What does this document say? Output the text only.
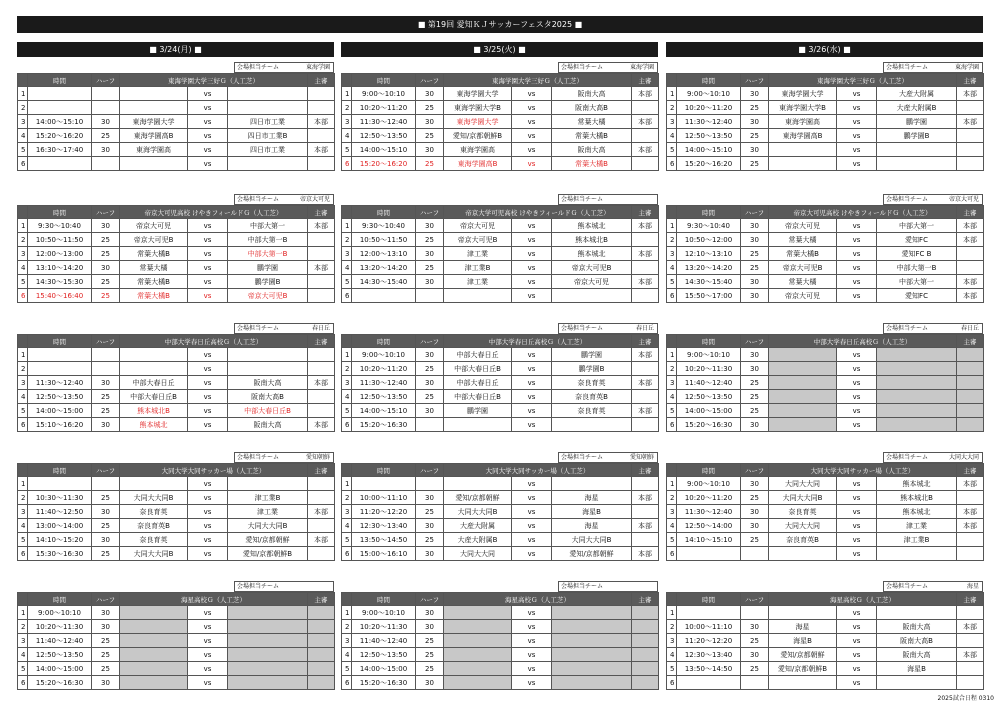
■ 第19回 愛知ＫＪサッカーフェスタ2025 ■
■ 3/24(月) ■
会場担当チーム	東海学園
	時間	ハーフ	東海学園大学三好Ｇ（人工芝）			主審
1				vs		
2				vs		
3	14:00～15:10	30	東海学園大学	vs	四日市工業	本部
4	15:20～16:20	25	東海学園高B	vs	四日市工業B	
5	16:30～17:40	30	東海学園高	vs	四日市工業	本部
6				vs		
会場担当チーム	帝京大可児
	時間	ハーフ	帝京大可児高校 けやきフィールドＧ（人工芝）			主審
1	9:30～10:40	30	帝京大可児	vs	中部大第一	本部
2	10:50～11:50	25	帝京大可児B	vs	中部大第一B	
3	12:00～13:00	25	常葉大橘B	vs	中部大第一B	
4	13:10～14:20	30	常葉大橘	vs	鵬学園	本部
5	14:30～15:30	25	常葉大橘B	vs	鵬学園B	
6	15:40～16:40	25	常葉大橘B	vs	帝京大可児B	
会場担当チーム	春日丘
	時間	ハーフ	中部大学春日丘高校Ｇ（人工芝）			主審
1				vs		
2				vs		
3	11:30～12:40	30	中部大春日丘	vs	阪南大高	本部
4	12:50～13:50	25	中部大春日丘B	vs	阪南大高B	
5	14:00～15:00	25	熊本城北B	vs	中部大春日丘B	
6	15:10～16:20	30	熊本城北	vs	阪南大高	本部
会場担当チーム	愛知朝鮮
	時間	ハーフ	大同大学大同サッカー場（人工芝）			主審
1				vs		
2	10:30～11:30	25	大同大大同B	vs	津工業B	
3	11:40～12:50	30	奈良育英	vs	津工業	本部
4	13:00～14:00	25	奈良育英B	vs	大同大大同B	
5	14:10～15:20	30	奈良育英	vs	愛知/京都朝鮮	本部
6	15:30～16:30	25	大同大大同B	vs	愛知/京都朝鮮B	
会場担当チーム
	時間	ハーフ	海星高校Ｇ（人工芝）			主審
1	9:00～10:10	30		vs		
2	10:20～11:30	30		vs		
3	11:40～12:40	25		vs		
4	12:50～13:50	25		vs		
5	14:00～15:00	25		vs		
6	15:20～16:30	30		vs		
■ 3/25(火) ■
会場担当チーム	東海学園
	時間	ハーフ	東海学園大学三好Ｇ（人工芝）			主審
1	9:00～10:10	30	東海学園大学	vs	阪南大高	本部
2	10:20～11:20	25	東海学園大学B	vs	阪南大高B	
3	11:30～12:40	30	東海学園大学	vs	常葉大橘	本部
4	12:50～13:50	25	愛知/京都朝鮮B	vs	常葉大橘B	
5	14:00～15:10	30	東海学園高	vs	阪南大高	本部
6	15:20～16:20	25	東海学園高B	vs	常葉大橘B	
会場担当チーム
	時間	ハーフ	帝京大学可児高校 けやきフィールドＧ（人工芝）			主審
1	9:30～10:40	30	帝京大可児	vs	熊本城北	本部
2	10:50～11:50	25	帝京大可児B	vs	熊本城北B	
3	12:00～13:10	30	津工業	vs	熊本城北	本部
4	13:20～14:20	25	津工業B	vs	帝京大可児B	
5	14:30～15:40	30	津工業	vs	帝京大可児	本部
6				vs		
会場担当チーム	春日丘
	時間	ハーフ	中部大学春日丘高校Ｇ（人工芝）			主審
1	9:00～10:10	30	中部大春日丘	vs	鵬学園	本部
2	10:20～11:20	25	中部大春日丘B	vs	鵬学園B	
3	11:30～12:40	30	中部大春日丘	vs	奈良育英	本部
4	12:50～13:50	25	中部大春日丘B	vs	奈良育英B	
5	14:00～15:10	30	鵬学園	vs	奈良育英	本部
6	15:20～16:30			vs		
会場担当チーム	愛知朝鮮
	時間	ハーフ	大同大学大同サッカー場（人工芝）			主審
1				vs		
2	10:00～11:10	30	愛知/京都朝鮮	vs	海星	本部
3	11:20～12:20	25	大同大大同B	vs	海星B	
4	12:30～13:40	30	大産大附属	vs	海星	本部
5	13:50～14:50	25	大産大附属B	vs	大同大大同B	
6	15:00～16:10	30	大同大大同	vs	愛知/京都朝鮮	本部
会場担当チーム
	時間	ハーフ	海星高校Ｇ（人工芝）			主審
1	9:00～10:10	30		vs		
2	10:20～11:30	30		vs		
3	11:40～12:40	25		vs		
4	12:50～13:50	25		vs		
5	14:00～15:00	25		vs		
6	15:20～16:30	30		vs		
■ 3/26(水) ■
会場担当チーム	東海学園
	時間	ハーフ	東海学園大学三好Ｇ（人工芝）			主審
1	9:00～10:10	30	東海学園大学	vs	大産大附属	本部
2	10:20～11:20	25	東海学園大学B	vs	大産大附属B	
3	11:30～12:40	30	東海学園高	vs	鵬学園	本部
4	12:50～13:50	25	東海学園高B	vs	鵬学園B	
5	14:00～15:10	30		vs		
6	15:20～16:20	25		vs		
会場担当チーム	帝京大可児
	時間	ハーフ	帝京大可児高校 けやきフィールドＧ（人工芝）			主審
1	9:30～10:40	30	帝京大可児	vs	中部大第一	本部
2	10:50～12:00	30	常葉大橘	vs	愛知FC	本部
3	12:10～13:10	25	常葉大橘B	vs	愛知FC B	
4	13:20～14:20	25	帝京大可児B	vs	中部大第一B	
5	14:30～15:40	30	常葉大橘	vs	中部大第一	本部
6	15:50～17:00	30	帝京大可児	vs	愛知FC	本部
会場担当チーム	春日丘
	時間	ハーフ	中部大学春日丘高校Ｇ（人工芝）			主審
1	9:00～10:10	30		vs		
2	10:20～11:30	30		vs		
3	11:40～12:40	25		vs		
4	12:50～13:50	25		vs		
5	14:00～15:00	25		vs		
6	15:20～16:30	30		vs		
会場担当チーム	大同大大同
	時間	ハーフ	大同大学大同サッカー場（人工芝）			主審
1	9:00～10:10	30	大同大大同	vs	熊本城北	本部
2	10:20～11:20	25	大同大大同B	vs	熊本城北B	
3	11:30～12:40	30	奈良育英	vs	熊本城北	本部
4	12:50～14:00	30	大同大大同	vs	津工業	本部
5	14:10～15:10	25	奈良育英B	vs	津工業B	
6				vs		
会場担当チーム	海星
	時間	ハーフ	海星高校Ｇ（人工芝）			主審
1				vs		
2	10:00～11:10	30	海星	vs	阪南大高	本部
3	11:20～12:20	25	海星B	vs	阪南大高B	
4	12:30～13:40	30	愛知/京都朝鮮	vs	阪南大高	本部
5	13:50～14:50	25	愛知/京都朝鮮B	vs	海星B	
6				vs		
2025試合日程 0310
